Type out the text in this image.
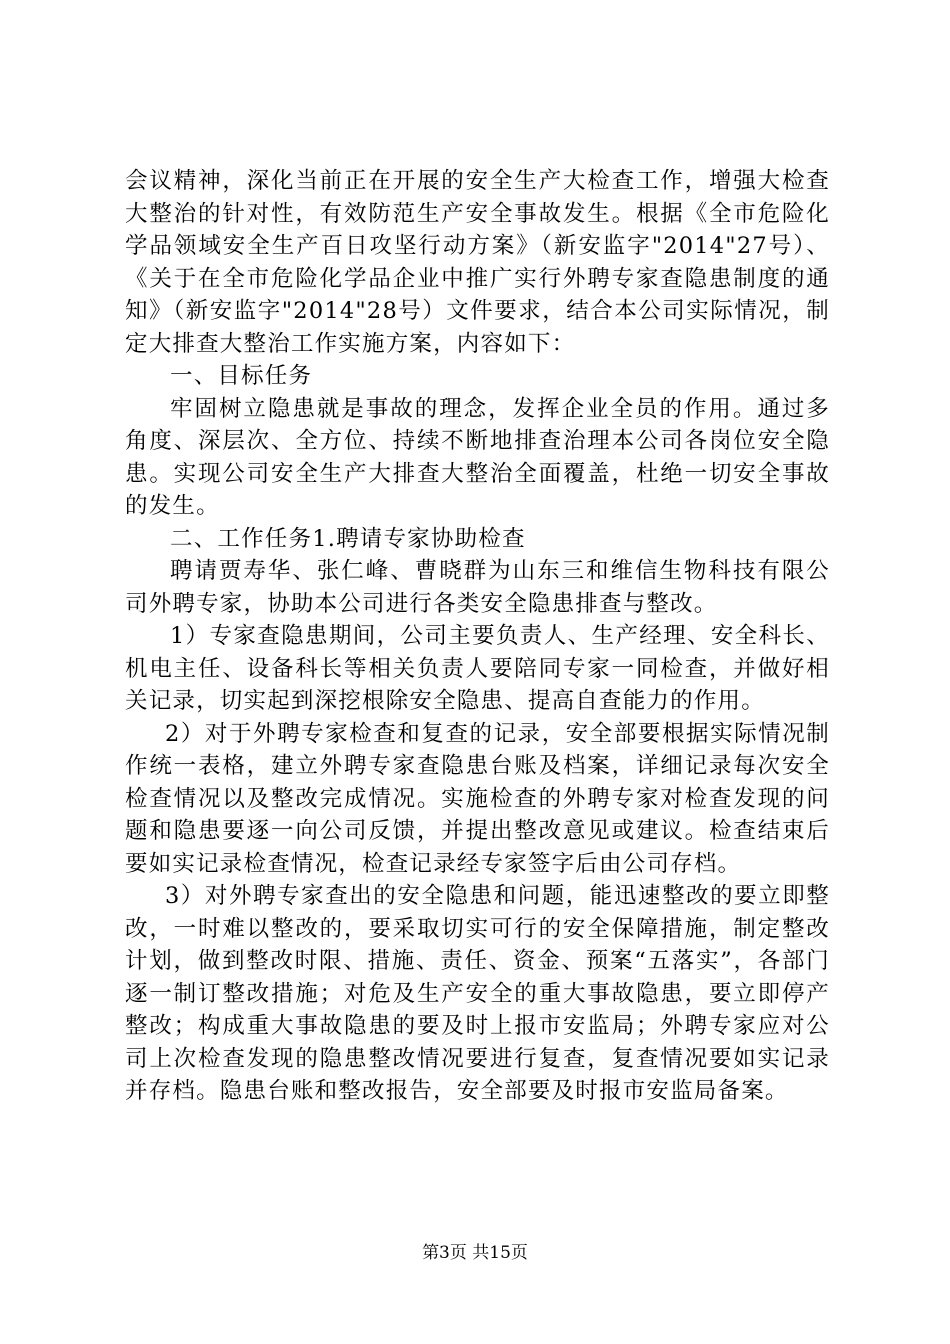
会议精神，深化当前正在开展的安全生产大检查工作，增强大检查大整治的针对性，有效防范生产安全事故发生。根据《全市危险化学品领域安全生产百日攻坚行动方案》（新安监字"2014"27号）、《关于在全市危险化学品企业中推广实行外聘专家查隐患制度的通知》（新安监字"2014"28号）文件要求，结合本公司实际情况，制定大排查大整治工作实施方案，内容如下：

一、目标任务

牢固树立隐患就是事故的理念，发挥企业全员的作用。通过多角度、深层次、全方位、持续不断地排查治理本公司各岗位安全隐患。实现公司安全生产大排查大整治全面覆盖，杜绝一切安全事故的发生。

二、工作任务1.聘请专家协助检查

聘请贾寿华、张仁峰、曹晓群为山东三和维信生物科技有限公司外聘专家，协助本公司进行各类安全隐患排查与整改。

1）专家查隐患期间，公司主要负责人、生产经理、安全科长、机电主任、设备科长等相关负责人要陪同专家一同检查，并做好相关记录，切实起到深挖根除安全隐患、提高自查能力的作用。

2）对于外聘专家检查和复查的记录，安全部要根据实际情况制作统一表格，建立外聘专家查隐患台账及档案，详细记录每次安全检查情况以及整改完成情况。实施检查的外聘专家对检查发现的问题和隐患要逐一向公司反馈，并提出整改意见或建议。检查结束后要如实记录检查情况，检查记录经专家签字后由公司存档。

3）对外聘专家查出的安全隐患和问题，能迅速整改的要立即整改，一时难以整改的，要采取切实可行的安全保障措施，制定整改计划，做到整改时限、措施、责任、资金、预案“五落实”，各部门逐一制订整改措施；对危及生产安全的重大事故隐患，要立即停产整改；构成重大事故隐患的要及时上报市安监局；外聘专家应对公司上次检查发现的隐患整改情况要进行复查，复查情况要如实记录并存档。隐患台账和整改报告，安全部要及时报市安监局备案。

第3页 共15页
